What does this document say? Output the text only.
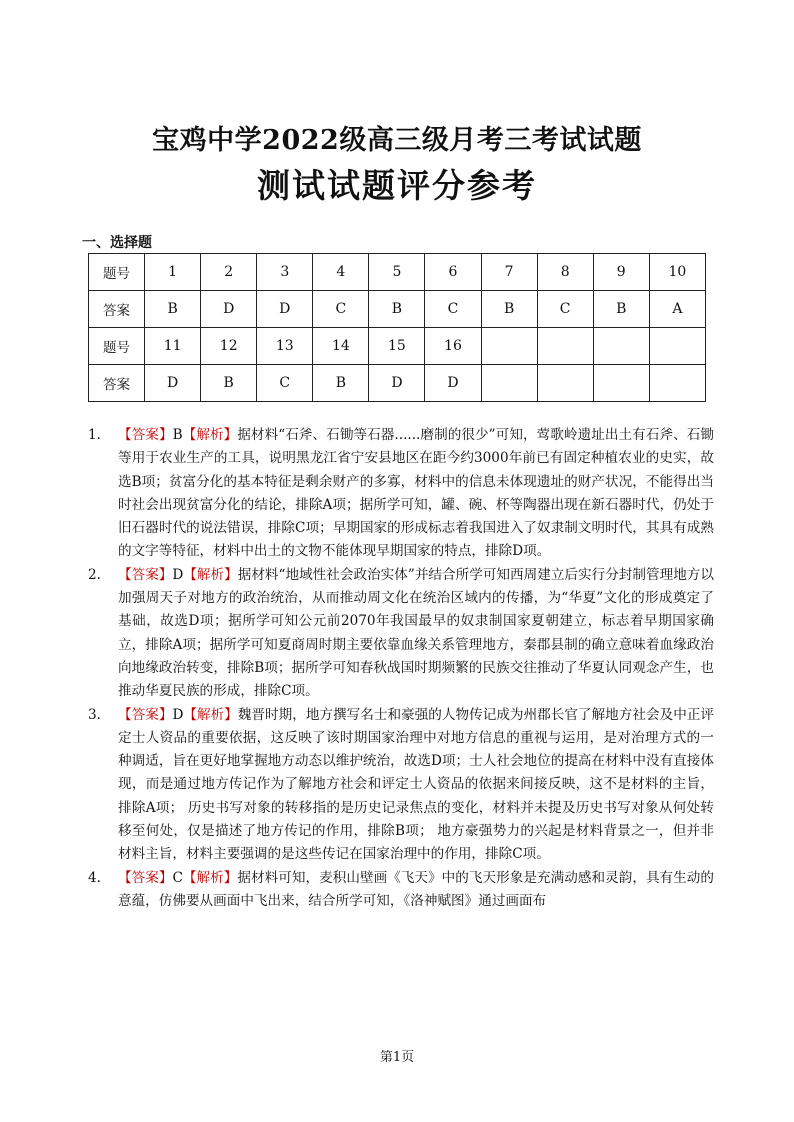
宝鸡中学2022级高三级月考三考试试题
测试试题评分参考
一、选择题
题号	1	2	3	4	5	6	7	8	9	10
答案	B	D	D	C	B	C	B	C	B	A
题号	11	12	13	14	15	16				
答案	D	B	C	B	D	D				
1. 【答案】B【解析】据材料“石斧、石锄等石器......磨制的很少”可知，莺歌岭遗址出土有石斧、石锄等用于农业生产的工具，说明黑龙江省宁安县地区在距今约3000年前已有固定种植农业的史实，故选B项；贫富分化的基本特征是剩余财产的多寡，材料中的信息未体现遗址的财产状况，不能得出当时社会出现贫富分化的结论，排除A项；据所学可知，罐、碗、杯等陶器出现在新石器时代，仍处于旧石器时代的说法错误，排除C项；早期国家的形成标志着我国进入了奴隶制文明时代，其具有成熟的文字等特征，材料中出土的文物不能体现早期国家的特点，排除D项。
2. 【答案】D【解析】据材料“地域性社会政治实体”并结合所学可知西周建立后实行分封制管理地方以加强周天子对地方的政治统治，从而推动周文化在统治区域内的传播，为“华夏”文化的形成奠定了基础，故选D项；据所学可知公元前2070年我国最早的奴隶制国家夏朝建立，标志着早期国家确立，排除A项；据所学可知夏商周时期主要依靠血缘关系管理地方，秦郡县制的确立意味着血缘政治向地缘政治转变，排除B项；据所学可知春秋战国时期频繁的民族交往推动了华夏认同观念产生，也推动华夏民族的形成，排除C项。
3. 【答案】D【解析】魏晋时期，地方撰写名士和豪强的人物传记成为州郡长官了解地方社会及中正评定士人资品的重要依据，这反映了该时期国家治理中对地方信息的重视与运用，是对治理方式的一种调适，旨在更好地掌握地方动态以维护统治，故选D项；士人社会地位的提高在材料中没有直接体现，而是通过地方传记作为了解地方社会和评定士人资品的依据来间接反映，这不是材料的主旨，排除A项； 历史书写对象的转移指的是历史记录焦点的变化，材料并未提及历史书写对象从何处转移至何处，仅是描述了地方传记的作用，排除B项； 地方豪强势力的兴起是材料背景之一，但并非材料主旨，材料主要强调的是这些传记在国家治理中的作用，排除C项。
4. 【答案】C【解析】据材料可知，麦积山壁画《飞天》中的飞天形象是充满动感和灵韵，具有生动的意蕴，仿佛要从画面中飞出来，结合所学可知，《洛神赋图》通过画面布
第1页
